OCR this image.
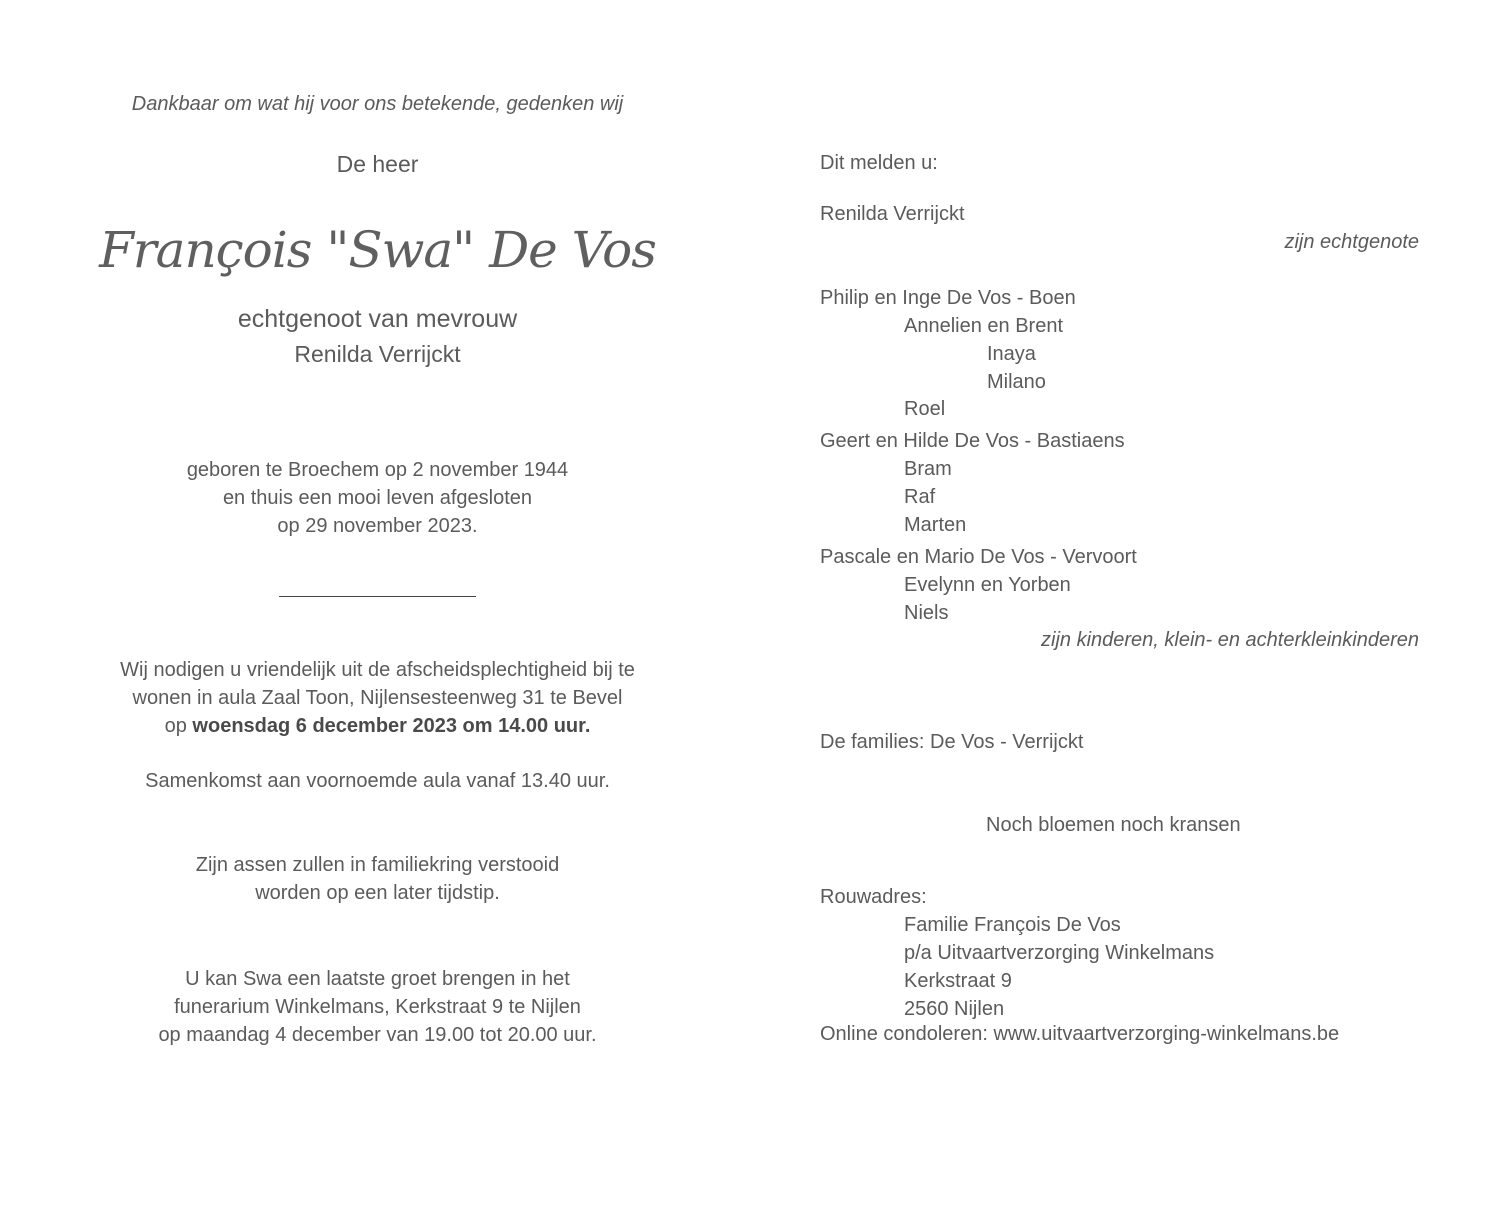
Dankbaar om wat hij voor ons betekende, gedenken wij
De heer
François "Swa" De Vos
echtgenoot van mevrouw
Renilda Verrijckt
geboren te Broechem op 2 november 1944
en thuis een mooi leven afgesloten
op 29 november 2023.
Wij nodigen u vriendelijk uit de afscheidsplechtigheid bij te
wonen in aula Zaal Toon, Nijlensesteenweg 31 te Bevel
op woensdag 6 december 2023 om 14.00 uur.
Samenkomst aan voornoemde aula vanaf 13.40 uur.
Zijn assen zullen in familiekring verstooid
worden op een later tijdstip.
U kan Swa een laatste groet brengen in het
funerarium Winkelmans, Kerkstraat 9 te Nijlen
op maandag 4 december van 19.00 tot 20.00 uur.
Dit melden u:
Renilda Verrijckt
zijn echtgenote
Philip en Inge De Vos - Boen
Annelien en Brent
Inaya
Milano
Roel
Geert en Hilde De Vos - Bastiaens
Bram
Raf
Marten
Pascale en Mario De Vos - Vervoort
Evelynn en Yorben
Niels
zijn kinderen, klein- en achterkleinkinderen
De families: De Vos - Verrijckt
Noch bloemen noch kransen
Rouwadres:
Familie François De Vos
p/a Uitvaartverzorging Winkelmans
Kerkstraat 9
2560 Nijlen
Online condoleren: www.uitvaartverzorging-winkelmans.be
